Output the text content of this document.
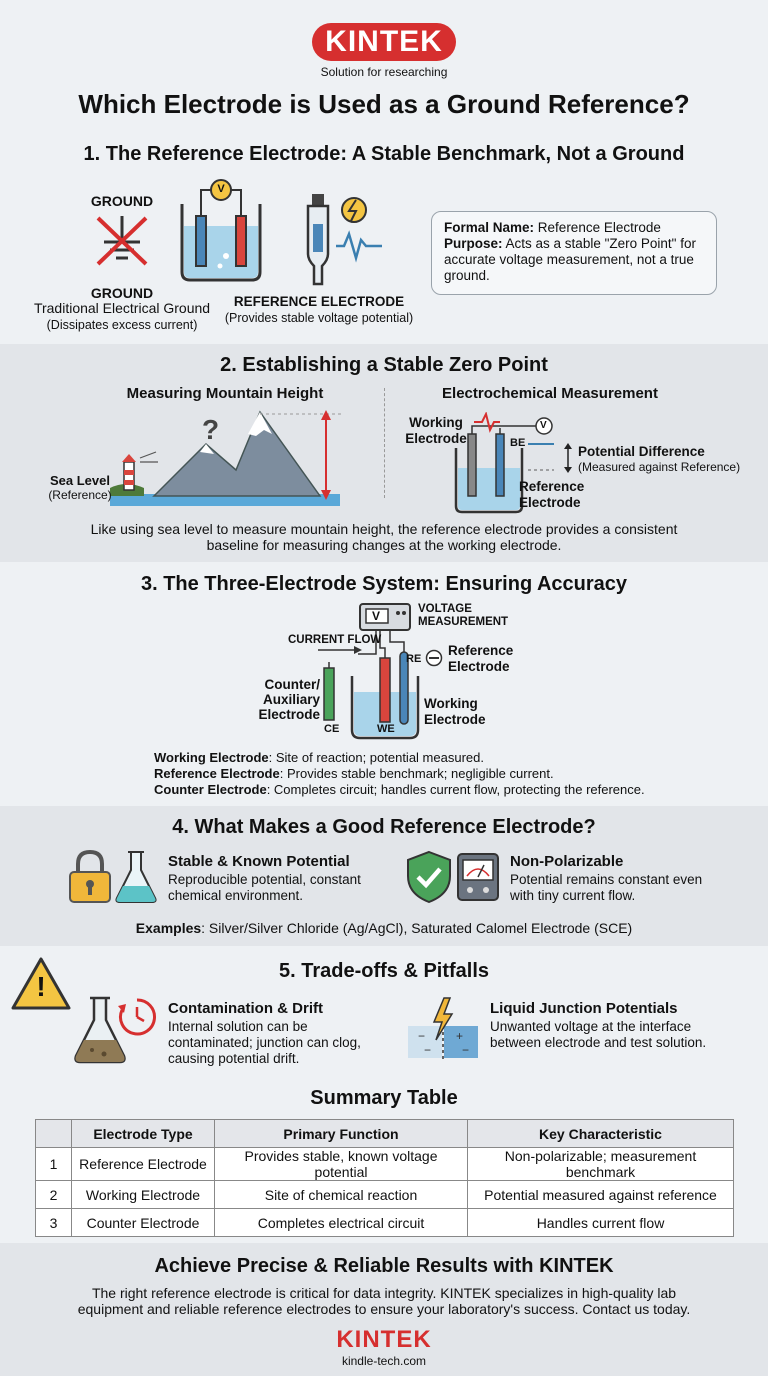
KINTEK
Solution for researching
Which Electrode is Used as a Ground Reference?
1. The Reference Electrode: A Stable Benchmark, Not a Ground
GROUND
GROUND
Traditional Electrical Ground
(Dissipates excess current)
V
REFERENCE ELECTRODE
(Provides stable voltage potential)
Formal Name: Reference Electrode
Purpose: Acts as a stable "Zero Point" for accurate voltage measurement, not a true ground.
2. Establishing a Stable Zero Point
Measuring Mountain Height	Electrochemical Measurement
?
Sea Level
(Reference)
V
Working Electrode	BE
Potential Difference
(Measured against Reference)
Reference Electrode
Like using sea level to measure mountain height, the reference electrode provides a consistent baseline for measuring changes at the working electrode.
3. The Three-Electrode System: Ensuring Accuracy
V	VOLTAGE MEASUREMENT
CURRENT FLOW
RE
Reference Electrode
Counter/ Auxiliary Electrode
CE	WE
Working Electrode
Working Electrode: Site of reaction; potential measured.
Reference Electrode: Provides stable benchmark; negligible current.
Counter Electrode: Completes circuit; handles current flow, protecting the reference.
4. What Makes a Good Reference Electrode?
Stable & Known Potential
Reproducible potential, constant chemical environment.
Non-Polarizable
Potential remains constant even with tiny current flow.
Examples: Silver/Silver Chloride (Ag/AgCl), Saturated Calomel Electrode (SCE)
5. Trade-offs & Pitfalls
!
Contamination & Drift
Internal solution can be contaminated; junction can clog, causing potential drift.
−	+
−
−
Liquid Junction Potentials
Unwanted voltage at the interface between electrode and test solution.
Summary Table
	Electrode Type	Primary Function	Key Characteristic
1	Reference Electrode	Provides stable, known voltage potential	Non-polarizable; measurement benchmark
2	Working Electrode	Site of chemical reaction	Potential measured against reference
3	Counter Electrode	Completes electrical circuit	Handles current flow
Achieve Precise & Reliable Results with KINTEK
The right reference electrode is critical for data integrity. KINTEK specializes in high-quality lab equipment and reliable reference electrodes to ensure your laboratory's success. Contact us today.
KINTEK
kindle-tech.com
